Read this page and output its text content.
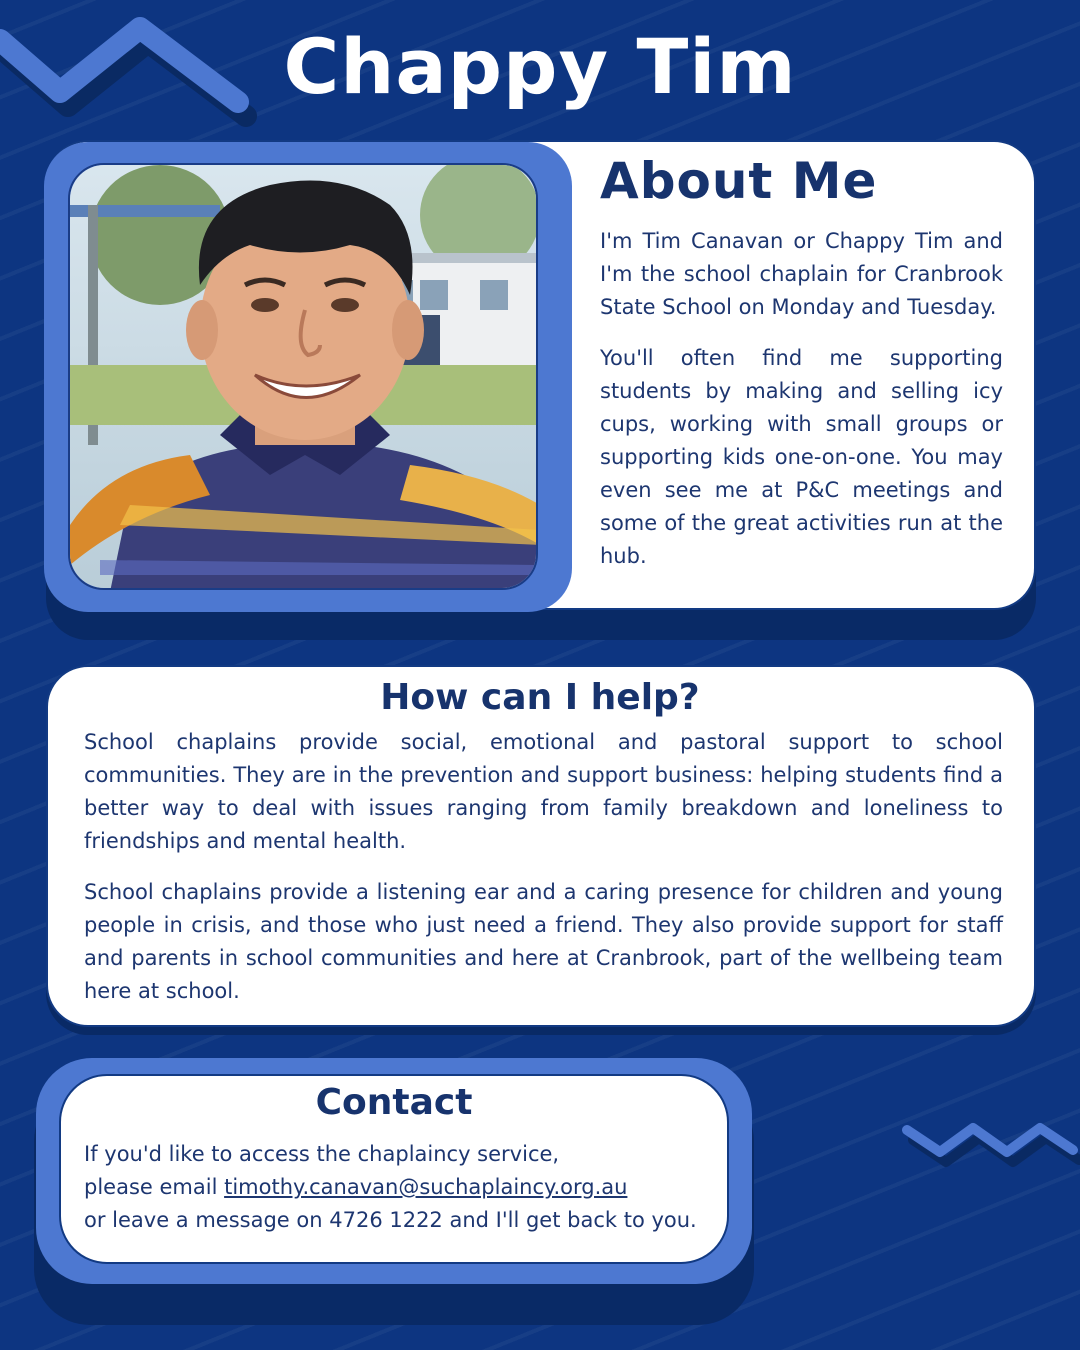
Chappy Tim
About Me

I'm Tim Canavan or Chappy Tim and I'm the school chaplain for Cranbrook State School on Monday and Tuesday.

You'll often find me supporting students by making and selling icy cups, working with small groups or supporting kids one-on-one. You may even see me at P&C meetings and some of the great activities run at the hub.

How can I help?

School chaplains provide social, emotional and pastoral support to school communities. They are in the prevention and support business: helping students find a better way to deal with issues ranging from family breakdown and loneliness to friendships and mental health.

School chaplains provide a listening ear and a caring presence for children and young people in crisis, and those who just need a friend. They also provide support for staff and parents in school communities and here at Cranbrook, part of the wellbeing team here at school.

Contact
If you'd like to access the chaplaincy service,
please email timothy.canavan@suchaplaincy.org.au
or leave a message on 4726 1222 and I'll get back to you.
